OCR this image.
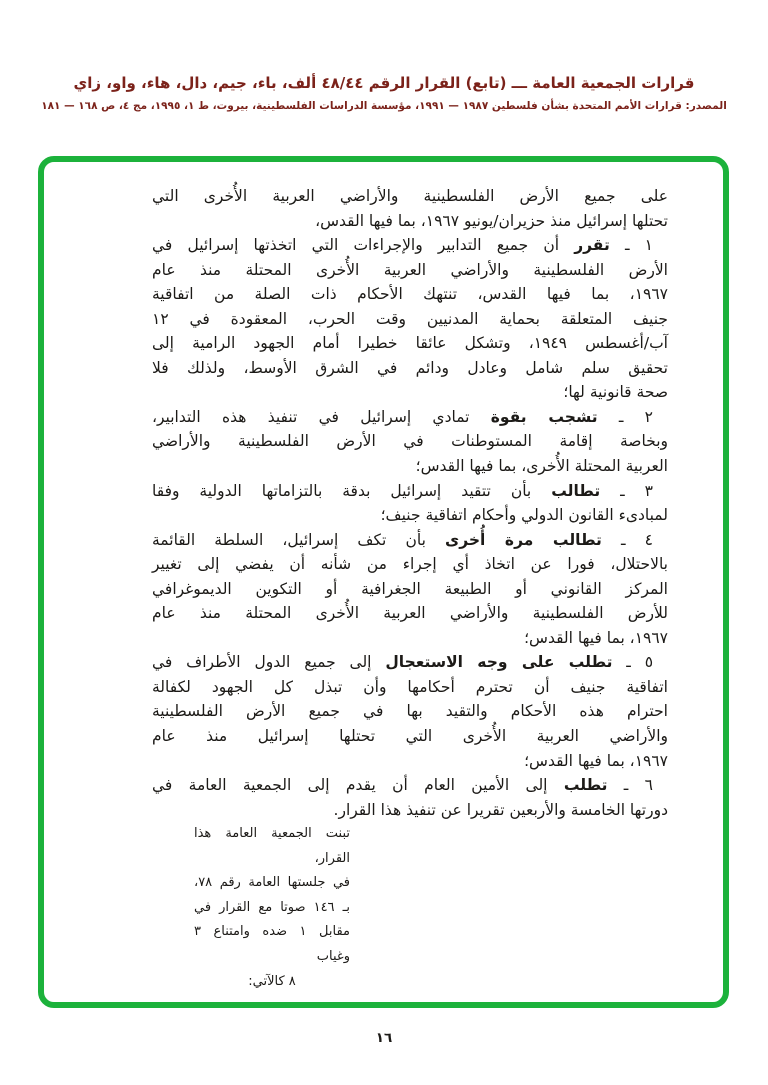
قرارات الجمعية العامة ـــ (تابع) القرار الرقم ٤٨/٤٤ ألف، باء، جيم، دال، هاء، واو، زاي
المصدر: قرارات الأمم المتحدة بشأن فلسطين ١٩٨٧ — ١٩٩١، مؤسسة الدراسات الفلسطينية، بيروت، ط ١، ١٩٩٥، مج ٤، ص ١٦٨ — ١٨١
على جميع الأرض الفلسطينية والأراضي العربية الأُخرى التي
تحتلها إسرائيل منذ حزيران/يونيو ١٩٦٧، بما فيها القدس،
١ ـ تقرر أن جميع التدابير والإجراءات التي اتخذتها إسرائيل في
الأرض الفلسطينية والأراضي العربية الأُخرى المحتلة منذ عام
١٩٦٧، بما فيها القدس، تنتهك الأحكام ذات الصلة من اتفاقية
جنيف المتعلقة بحماية المدنيين وقت الحرب، المعقودة في ١٢
آب/أغسطس ١٩٤٩، وتشكل عائقا خطيرا أمام الجهود الرامية إلى
تحقيق سلم شامل وعادل ودائم في الشرق الأوسط، ولذلك فلا
صحة قانونية لها؛
٢ ـ تشجب بقوة تمادي إسرائيل في تنفيذ هذه التدابير،
وبخاصة إقامة المستوطنات في الأرض الفلسطينية والأراضي
العربية المحتلة الأُخرى، بما فيها القدس؛
٣ ـ تطالب بأن تتقيد إسرائيل بدقة بالتزاماتها الدولية وفقا
لمبادىء القانون الدولي وأحكام اتفاقية جنيف؛
٤ ـ تطالب مرة أُخرى بأن تكف إسرائيل، السلطة القائمة
بالاحتلال، فورا عن اتخاذ أي إجراء من شأنه أن يفضي إلى تغيير
المركز القانوني أو الطبيعة الجغرافية أو التكوين الديموغرافي
للأرض الفلسطينية والأراضي العربية الأُخرى المحتلة منذ عام
١٩٦٧، بما فيها القدس؛
٥ ـ تطلب على وجه الاستعجال إلى جميع الدول الأطراف في
اتفاقية جنيف أن تحترم أحكامها وأن تبذل كل الجهود لكفالة
احترام هذه الأحكام والتقيد بها في جميع الأرض الفلسطينية
والأراضي العربية الأُخرى التي تحتلها إسرائيل منذ عام
١٩٦٧، بما فيها القدس؛
٦ ـ تطلب إلى الأمين العام أن يقدم إلى الجمعية العامة في
دورتها الخامسة والأربعين تقريرا عن تنفيذ هذا القرار.
تبنت الجمعية العامة هذا القرار،
في جلستها العامة رقم ٧٨،
بـ ١٤٦ صوتا مع القرار في
مقابل ١ ضده وامتناع ٣ وغياب
٨ كالآتي:
١٦
